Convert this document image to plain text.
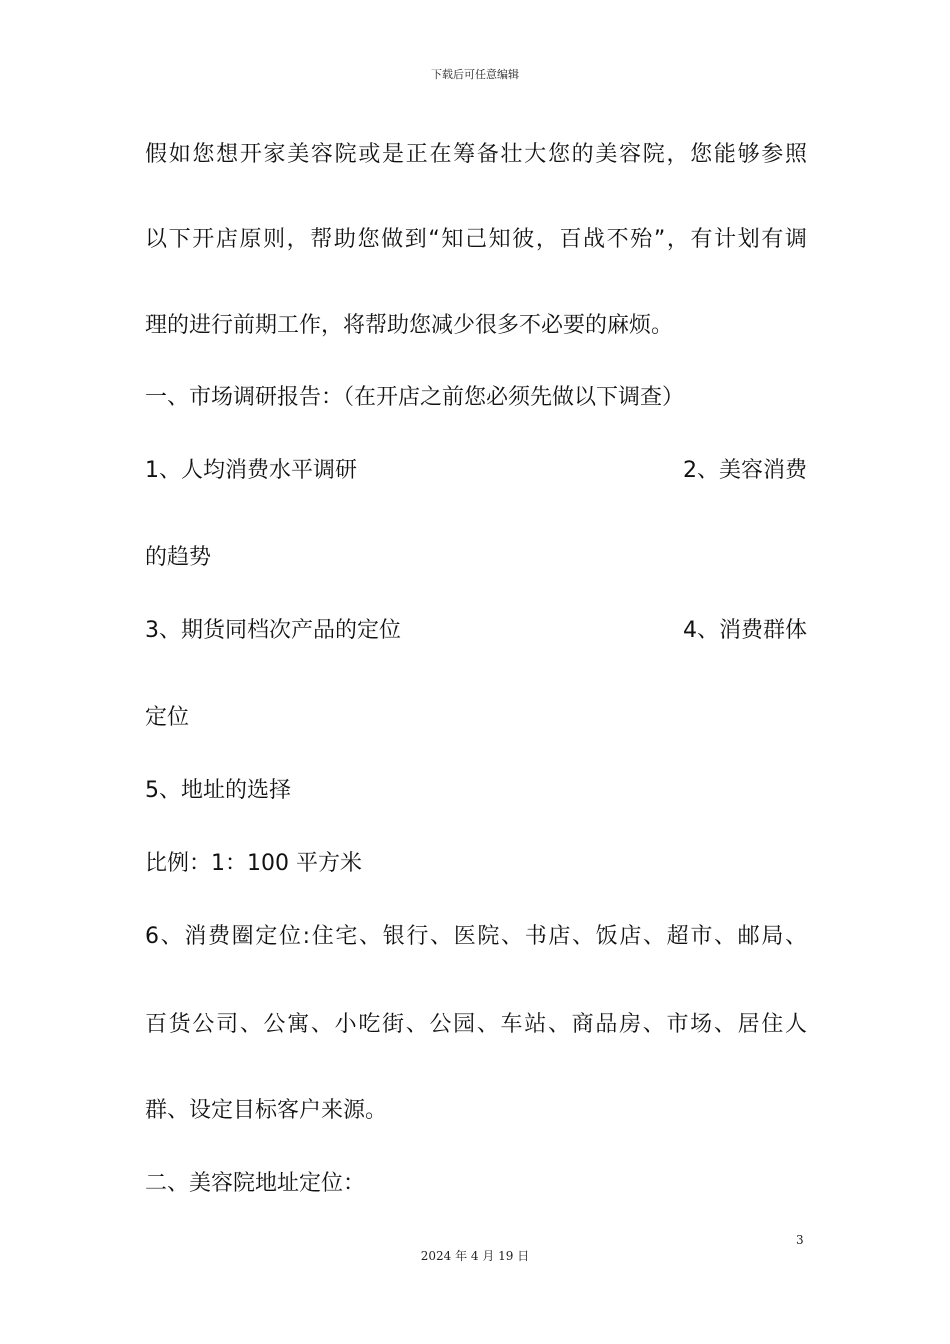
下载后可任意编辑
假如您想开家美容院或是正在筹备壮大您的美容院，您能够参照
以下开店原则，帮助您做到“知己知彼，百战不殆”，有计划有调
理的进行前期工作，将帮助您减少很多不必要的麻烦。
一、市场调研报告：（在开店之前您必须先做以下调查）
1、人均消费水平调研	2、美容消费
的趋势
3、期货同档次产品的定位	4、消费群体
定位
5、地址的选择
比例：1：100 平方米
6、消费圈定位:住宅、银行、医院、书店、饭店、超市、邮局、
百货公司、公寓、小吃街、公园、车站、商品房、市场、居住人
群、设定目标客户来源。
二、美容院地址定位：
3
2024 年 4 月 19 日
